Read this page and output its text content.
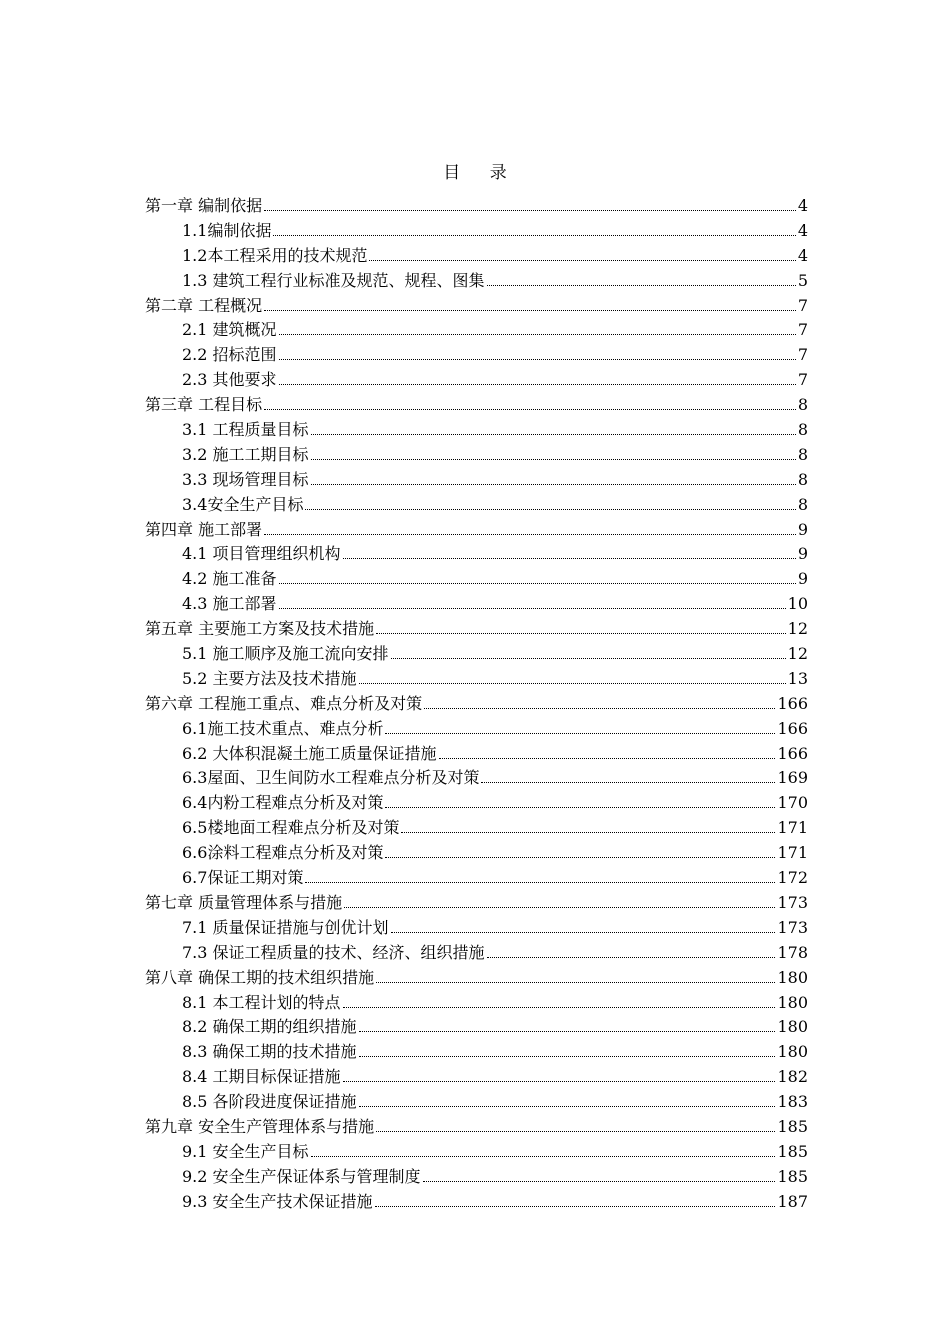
目 录
第一章 编制依据	4
1.1编制依据	4
1.2本工程采用的技术规范	4
1.3 建筑工程行业标准及规范、规程、图集	5
第二章 工程概况	7
2.1 建筑概况	7
2.2 招标范围	7
2.3 其他要求	7
第三章 工程目标	8
3.1 工程质量目标	8
3.2 施工工期目标	8
3.3 现场管理目标	8
3.4安全生产目标	8
第四章 施工部署	9
4.1 项目管理组织机构	9
4.2 施工准备	9
4.3 施工部署	10
第五章 主要施工方案及技术措施	12
5.1 施工顺序及施工流向安排	12
5.2 主要方法及技术措施	13
第六章 工程施工重点、难点分析及对策	166
6.1施工技术重点、难点分析	166
6.2 大体积混凝土施工质量保证措施	166
6.3屋面、卫生间防水工程难点分析及对策	169
6.4内粉工程难点分析及对策	170
6.5楼地面工程难点分析及对策	171
6.6涂料工程难点分析及对策	171
6.7保证工期对策	172
第七章 质量管理体系与措施	173
7.1 质量保证措施与创优计划	173
7.3 保证工程质量的技术、经济、组织措施	178
第八章 确保工期的技术组织措施	180
8.1 本工程计划的特点	180
8.2 确保工期的组织措施	180
8.3 确保工期的技术措施	180
8.4 工期目标保证措施	182
8.5 各阶段进度保证措施	183
第九章 安全生产管理体系与措施	185
9.1 安全生产目标	185
9.2 安全生产保证体系与管理制度	185
9.3 安全生产技术保证措施	187
